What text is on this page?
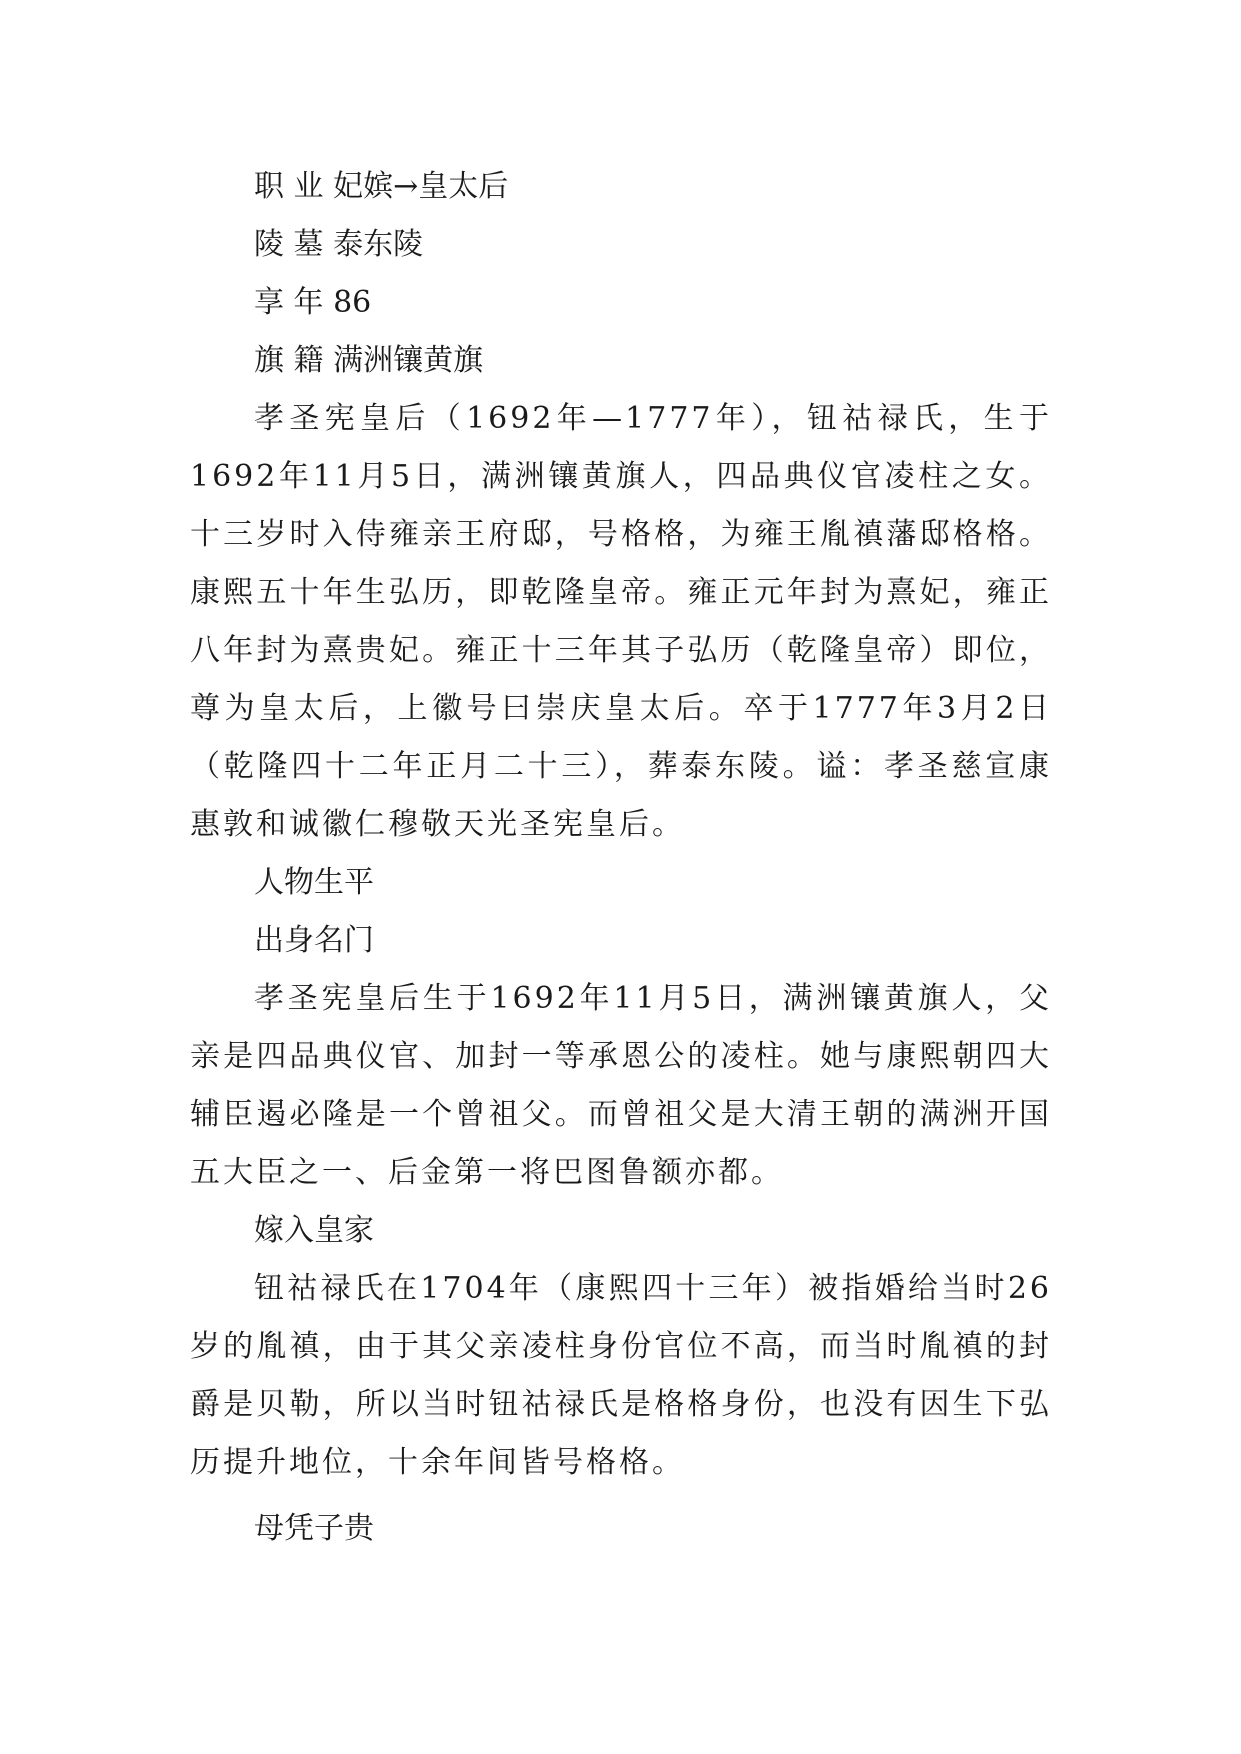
职 业 妃嫔→皇太后

陵 墓 泰东陵

享 年 86

旗 籍 满洲镶黄旗

孝圣宪皇后（1692年—1777年），钮祜禄氏，生于1692年11月5日，满洲镶黄旗人，四品典仪官凌柱之女。十三岁时入侍雍亲王府邸，号格格，为雍王胤禛藩邸格格。康熙五十年生弘历，即乾隆皇帝。雍正元年封为熹妃，雍正八年封为熹贵妃。雍正十三年其子弘历（乾隆皇帝）即位，尊为皇太后，上徽号曰崇庆皇太后。卒于1777年3月2日（乾隆四十二年正月二十三），葬泰东陵。谥：孝圣慈宣康惠敦和诚徽仁穆敬天光圣宪皇后。

人物生平

出身名门

孝圣宪皇后生于1692年11月5日，满洲镶黄旗人，父亲是四品典仪官、加封一等承恩公的凌柱。她与康熙朝四大辅臣遏必隆是一个曾祖父。而曾祖父是大清王朝的满洲开国五大臣之一、后金第一将巴图鲁额亦都。

嫁入皇家

钮祜禄氏在1704年（康熙四十三年）被指婚给当时26岁的胤禛，由于其父亲凌柱身份官位不高，而当时胤禛的封爵是贝勒，所以当时钮祜禄氏是格格身份，也没有因生下弘历提升地位，十余年间皆号格格。

母凭子贵
